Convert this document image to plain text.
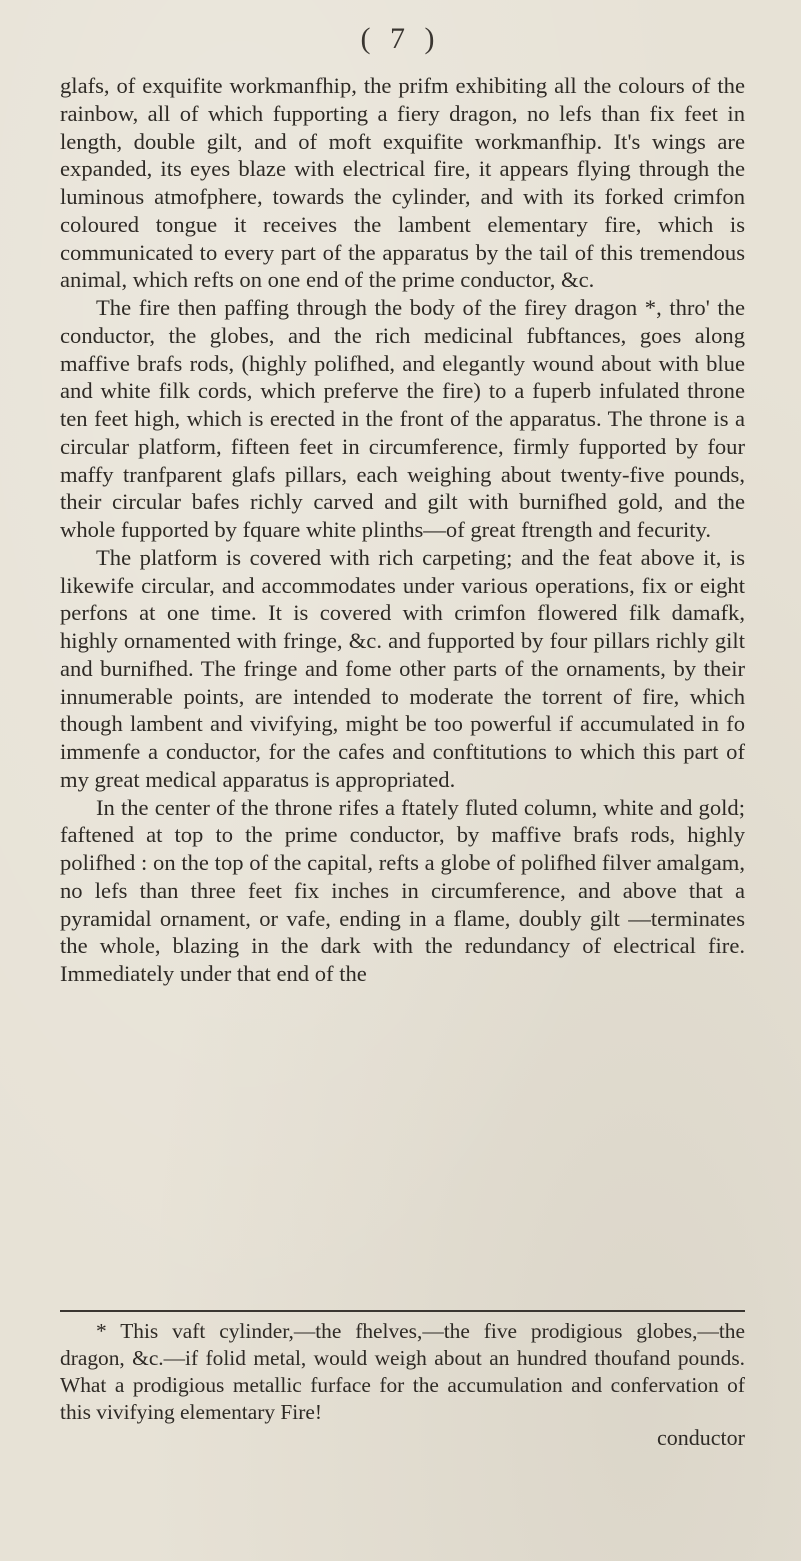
( 7 )

glafs, of exquifite workmanfhip, the prifm exhibiting all the colours of the rainbow, all of which fupporting a fiery dragon, no lefs than fix feet in length, double gilt, and of moft exquifite workmanfhip. It's wings are expanded, its eyes blaze with electrical fire, it appears flying through the luminous atmofphere, towards the cylinder, and with its forked crimfon coloured tongue it receives the lambent elementary fire, which is communicated to every part of the apparatus by the tail of this tremendous animal, which refts on one end of the prime conductor, &c.

The fire then paffing through the body of the firey dragon *, thro' the conductor, the globes, and the rich medicinal fubftances, goes along maffive brafs rods, (highly polifhed, and elegantly wound about with blue and white filk cords, which preferve the fire) to a fuperb infulated throne ten feet high, which is erected in the front of the apparatus. The throne is a circular platform, fifteen feet in circumference, firmly fupported by four maffy tranfparent glafs pillars, each weighing about twenty-five pounds, their circular bafes richly carved and gilt with burnifhed gold, and the whole fupported by fquare white plinths—of great ftrength and fecurity.

The platform is covered with rich carpeting; and the feat above it, is likewife circular, and accommodates under various operations, fix or eight perfons at one time. It is covered with crimfon flowered filk damafk, highly ornamented with fringe, &c. and fupported by four pillars richly gilt and burnifhed. The fringe and fome other parts of the ornaments, by their innumerable points, are intended to moderate the torrent of fire, which though lambent and vivifying, might be too powerful if accumulated in fo immenfe a conductor, for the cafes and conftitutions to which this part of my great medical apparatus is appropriated.

In the center of the throne rifes a ftately fluted column, white and gold; faftened at top to the prime conductor, by maffive brafs rods, highly polifhed : on the top of the capital, refts a globe of polifhed filver amalgam, no lefs than three feet fix inches in circumference, and above that a pyramidal ornament, or vafe, ending in a flame, doubly gilt —terminates the whole, blazing in the dark with the redundancy of electrical fire. Immediately under that end of the

* This vaft cylinder,—the fhelves,—the five prodigious globes,—the dragon, &c.—if folid metal, would weigh about an hundred thoufand pounds. What a prodigious metallic furface for the accumulation and confervation of this vivifying elementary Fire!
conductor
